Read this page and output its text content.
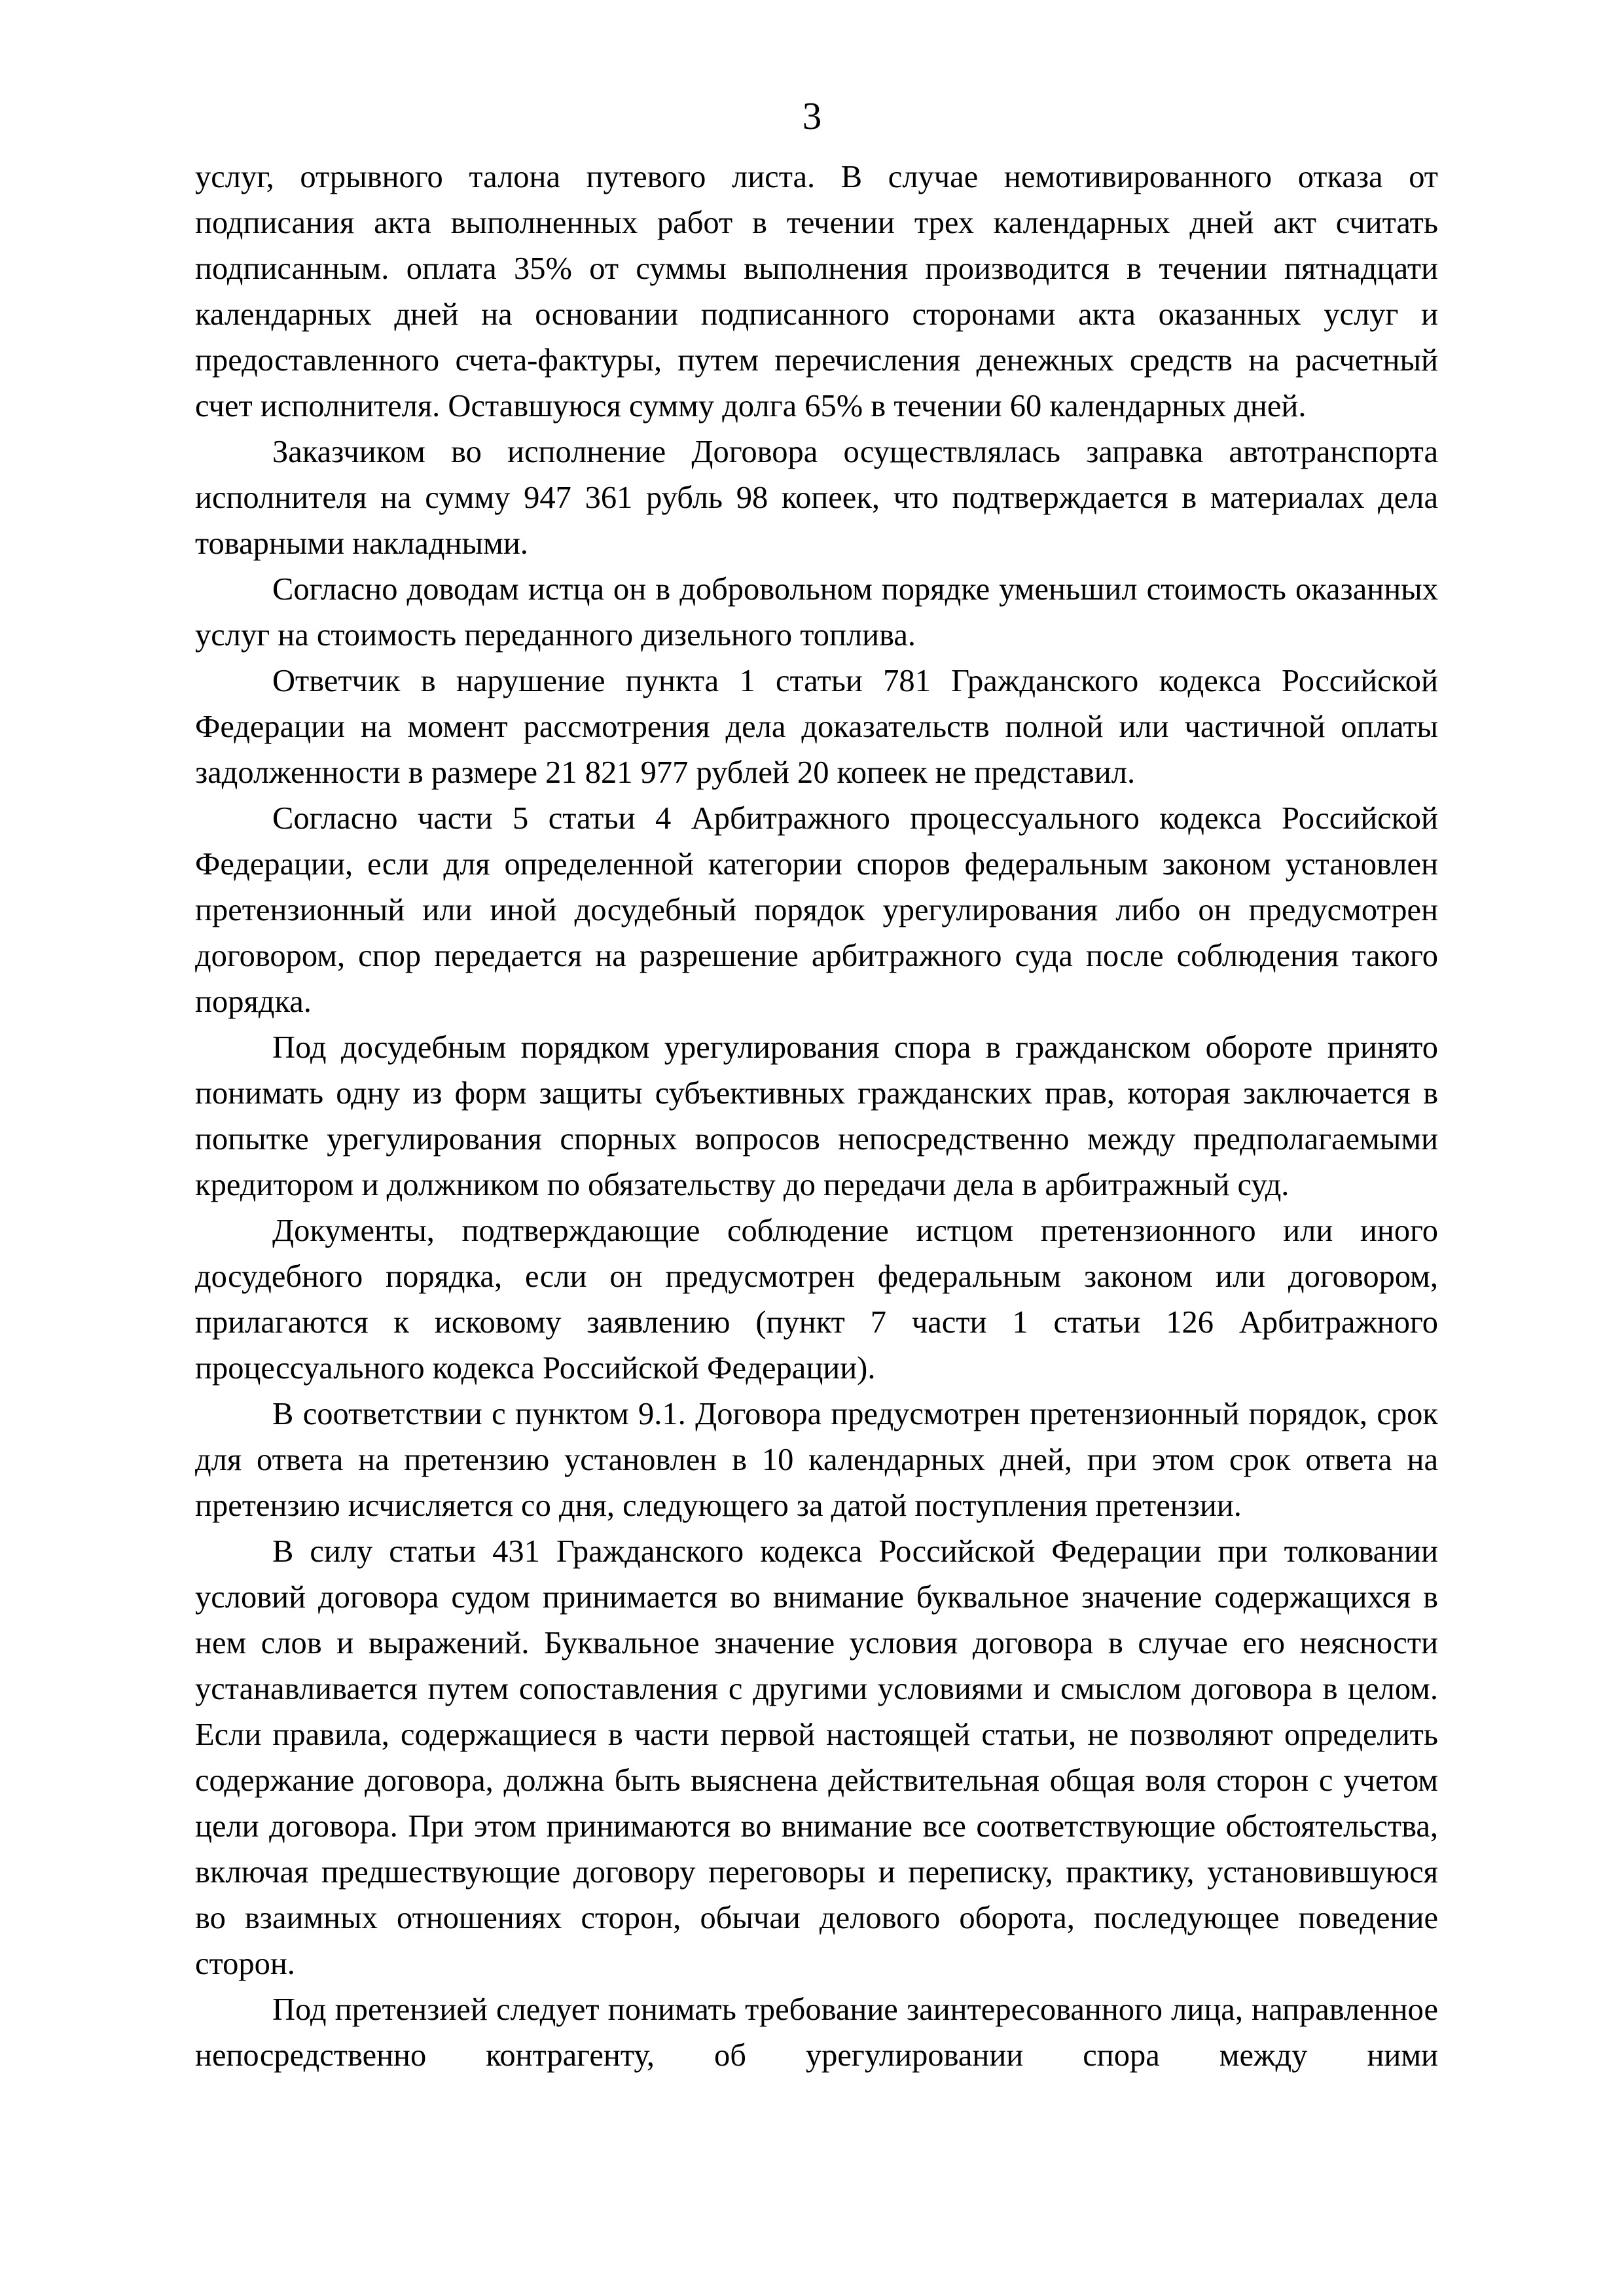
3

услуг, отрывного талона путевого листа. В случае немотивированного отказа от подписания акта выполненных работ в течении трех календарных дней акт считать подписанным. оплата 35% от суммы выполнения производится в течении пятнадцати календарных дней на основании подписанного сторонами акта оказанных услуг и предоставленного счета-фактуры, путем перечисления денежных средств на расчетный счет исполнителя. Оставшуюся сумму долга 65% в течении 60 календарных дней.

Заказчиком во исполнение Договора осуществлялась заправка автотранспорта исполнителя на сумму 947 361 рубль 98 копеек, что подтверждается в материалах дела товарными накладными.

Согласно доводам истца он в добровольном порядке уменьшил стоимость оказанных услуг на стоимость переданного дизельного топлива.

Ответчик в нарушение пункта 1 статьи 781 Гражданского кодекса Российской Федерации на момент рассмотрения дела доказательств полной или частичной оплаты задолженности в размере 21 821 977 рублей 20 копеек не представил.

Согласно части 5 статьи 4 Арбитражного процессуального кодекса Российской Федерации, если для определенной категории споров федеральным законом установлен претензионный или иной досудебный порядок урегулирования либо он предусмотрен договором, спор передается на разрешение арбитражного суда после соблюдения такого порядка.

Под досудебным порядком урегулирования спора в гражданском обороте принято понимать одну из форм защиты субъективных гражданских прав, которая заключается в попытке урегулирования спорных вопросов непосредственно между предполагаемыми кредитором и должником по обязательству до передачи дела в арбитражный суд.

Документы, подтверждающие соблюдение истцом претензионного или иного досудебного порядка, если он предусмотрен федеральным законом или договором, прилагаются к исковому заявлению (пункт 7 части 1 статьи 126 Арбитражного процессуального кодекса Российской Федерации).

В соответствии с пунктом 9.1. Договора предусмотрен претензионный порядок, срок для ответа на претензию установлен в 10 календарных дней, при этом срок ответа на претензию исчисляется со дня, следующего за датой поступления претензии.

В силу статьи 431 Гражданского кодекса Российской Федерации при толковании условий договора судом принимается во внимание буквальное значение содержащихся в нем слов и выражений. Буквальное значение условия договора в случае его неясности устанавливается путем сопоставления с другими условиями и смыслом договора в целом. Если правила, содержащиеся в части первой настоящей статьи, не позволяют определить содержание договора, должна быть выяснена действительная общая воля сторон с учетом цели договора. При этом принимаются во внимание все соответствующие обстоятельства, включая предшествующие договору переговоры и переписку, практику, установившуюся во взаимных отношениях сторон, обычаи делового оборота, последующее поведение сторон.

Под претензией следует понимать требование заинтересованного лица, направленное непосредственно контрагенту, об урегулировании спора между ними
